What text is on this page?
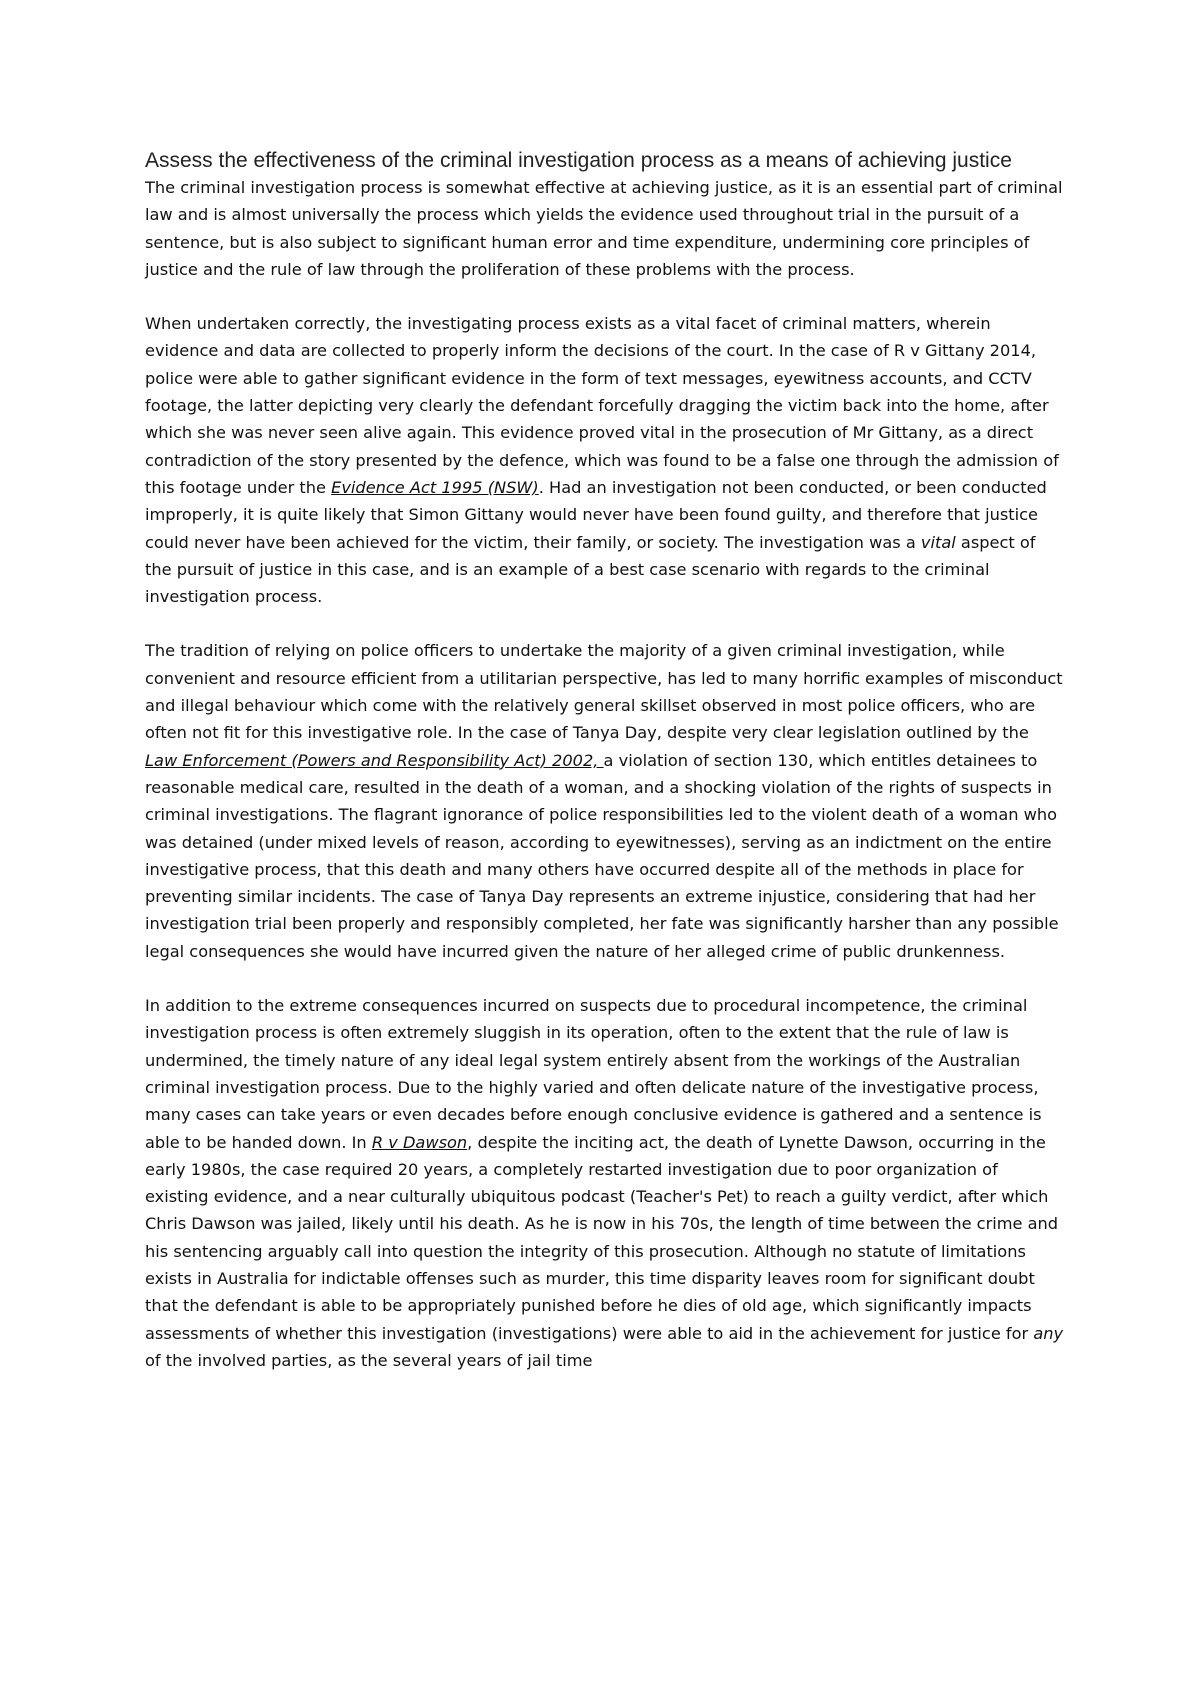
Assess the effectiveness of the criminal investigation process as a means of achieving justice

The criminal investigation process is somewhat effective at achieving justice, as it is an essential part of criminal law and is almost universally the process which yields the evidence used throughout trial in the pursuit of a sentence, but is also subject to significant human error and time expenditure, undermining core principles of justice and the rule of law through the proliferation of these problems with the process.

When undertaken correctly, the investigating process exists as a vital facet of criminal matters, wherein evidence and data are collected to properly inform the decisions of the court. In the case of R v Gittany 2014, police were able to gather significant evidence in the form of text messages, eyewitness accounts, and CCTV footage, the latter depicting very clearly the defendant forcefully dragging the victim back into the home, after which she was never seen alive again. This evidence proved vital in the prosecution of Mr Gittany, as a direct contradiction of the story presented by the defence, which was found to be a false one through the admission of this footage under the Evidence Act 1995 (NSW). Had an investigation not been conducted, or been conducted improperly, it is quite likely that Simon Gittany would never have been found guilty, and therefore that justice could never have been achieved for the victim, their family, or society. The investigation was a vital aspect of the pursuit of justice in this case, and is an example of a best case scenario with regards to the criminal investigation process.

The tradition of relying on police officers to undertake the majority of a given criminal investigation, while convenient and resource efficient from a utilitarian perspective, has led to many horrific examples of misconduct and illegal behaviour which come with the relatively general skillset observed in most police officers, who are often not fit for this investigative role. In the case of Tanya Day, despite very clear legislation outlined by the Law Enforcement (Powers and Responsibility Act) 2002, a violation of section 130, which entitles detainees to reasonable medical care, resulted in the death of a woman, and a shocking violation of the rights of suspects in criminal investigations. The flagrant ignorance of police responsibilities led to the violent death of a woman who was detained (under mixed levels of reason, according to eyewitnesses), serving as an indictment on the entire investigative process, that this death and many others have occurred despite all of the methods in place for preventing similar incidents. The case of Tanya Day represents an extreme injustice, considering that had her investigation trial been properly and responsibly completed, her fate was significantly harsher than any possible legal consequences she would have incurred given the nature of her alleged crime of public drunkenness.

In addition to the extreme consequences incurred on suspects due to procedural incompetence, the criminal investigation process is often extremely sluggish in its operation, often to the extent that the rule of law is undermined, the timely nature of any ideal legal system entirely absent from the workings of the Australian criminal investigation process. Due to the highly varied and often delicate nature of the investigative process, many cases can take years or even decades before enough conclusive evidence is gathered and a sentence is able to be handed down. In R v Dawson, despite the inciting act, the death of Lynette Dawson, occurring in the early 1980s, the case required 20 years, a completely restarted investigation due to poor organization of existing evidence, and a near culturally ubiquitous podcast (Teacher's Pet) to reach a guilty verdict, after which Chris Dawson was jailed, likely until his death. As he is now in his 70s, the length of time between the crime and his sentencing arguably call into question the integrity of this prosecution. Although no statute of limitations exists in Australia for indictable offenses such as murder, this time disparity leaves room for significant doubt that the defendant is able to be appropriately punished before he dies of old age, which significantly impacts assessments of whether this investigation (investigations) were able to aid in the achievement for justice for any of the involved parties, as the several years of jail time
